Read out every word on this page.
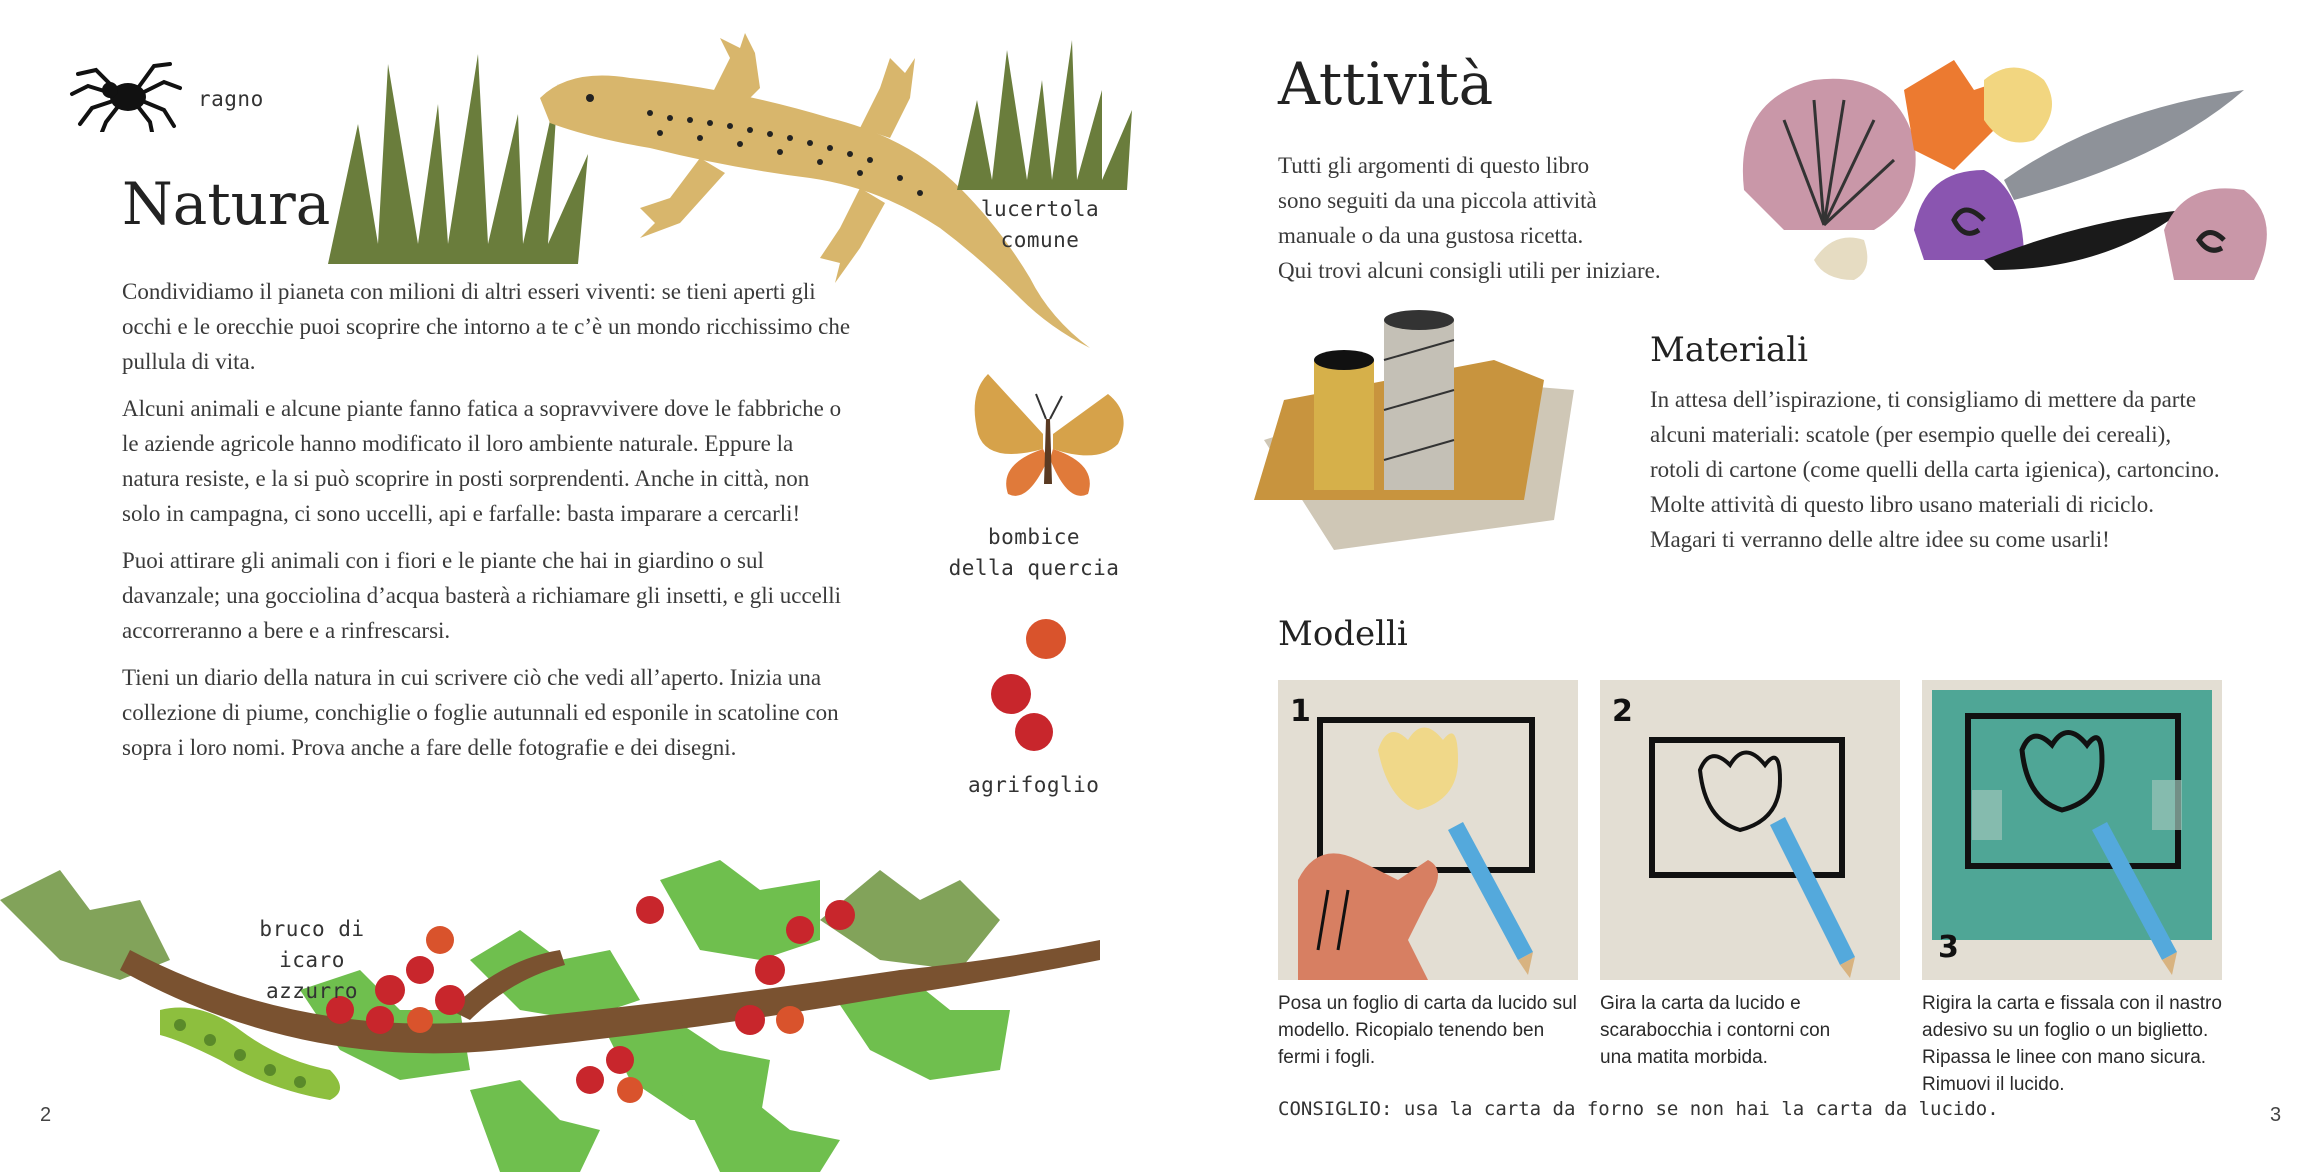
ragno
lucertola
comune
Natura

Condividiamo il pianeta con milioni di altri esseri viventi: se tieni aperti gli occhi e le orecchie puoi scoprire che intorno a te c’è un mondo ricchissimo che pullula di vita.

Alcuni animali e alcune piante fanno fatica a sopravvivere dove le fabbriche o le aziende agricole hanno modificato il loro ambiente naturale. Eppure la natura resiste, e la si può scoprire in posti sorprendenti. Anche in città, non solo in campagna, ci sono uccelli, api e farfalle: basta imparare a cercarli!

Puoi attirare gli animali con i fiori e le piante che hai in giardino o sul davanzale; una gocciolina d’acqua basterà a richiamare gli insetti, e gli uccelli accorreranno a bere e a rinfrescarsi.

Tieni un diario della natura in cui scrivere ciò che vedi all’aperto. Inizia una collezione di piume, conchiglie o foglie autunnali ed esponile in scatoline con sopra i loro nomi. Prova anche a fare delle fotografie e dei disegni.

bombice
della quercia
agrifoglio
bruco di icaro
azzurro
2
Attività
Tutti gli argomenti di questo libro
sono seguiti da una piccola attività
manuale o da una gustosa ricetta.
Qui trovi alcuni consigli utili per iniziare.
Materiali
In attesa dell’ispirazione, ti consigliamo di mettere da parte alcuni materiali: scatole (per esempio quelle dei cereali), rotoli di cartone (come quelli della carta igienica), cartoncino. Molte attività di questo libro usano materiali di riciclo. Magari ti verranno delle altre idee su come usarli!
Modelli
1	2
3
Posa un foglio di carta da lucido sul modello. Ricopialo tenendo ben fermi i fogli.
Gira la carta da lucido e scarabocchia i contorni con una matita morbida.
Rigira la carta e fissala con il nastro adesivo su un foglio o un biglietto. Ripassa le linee con mano sicura. Rimuovi il lucido.
CONSIGLIO: usa la carta da forno se non hai la carta da lucido.	3
